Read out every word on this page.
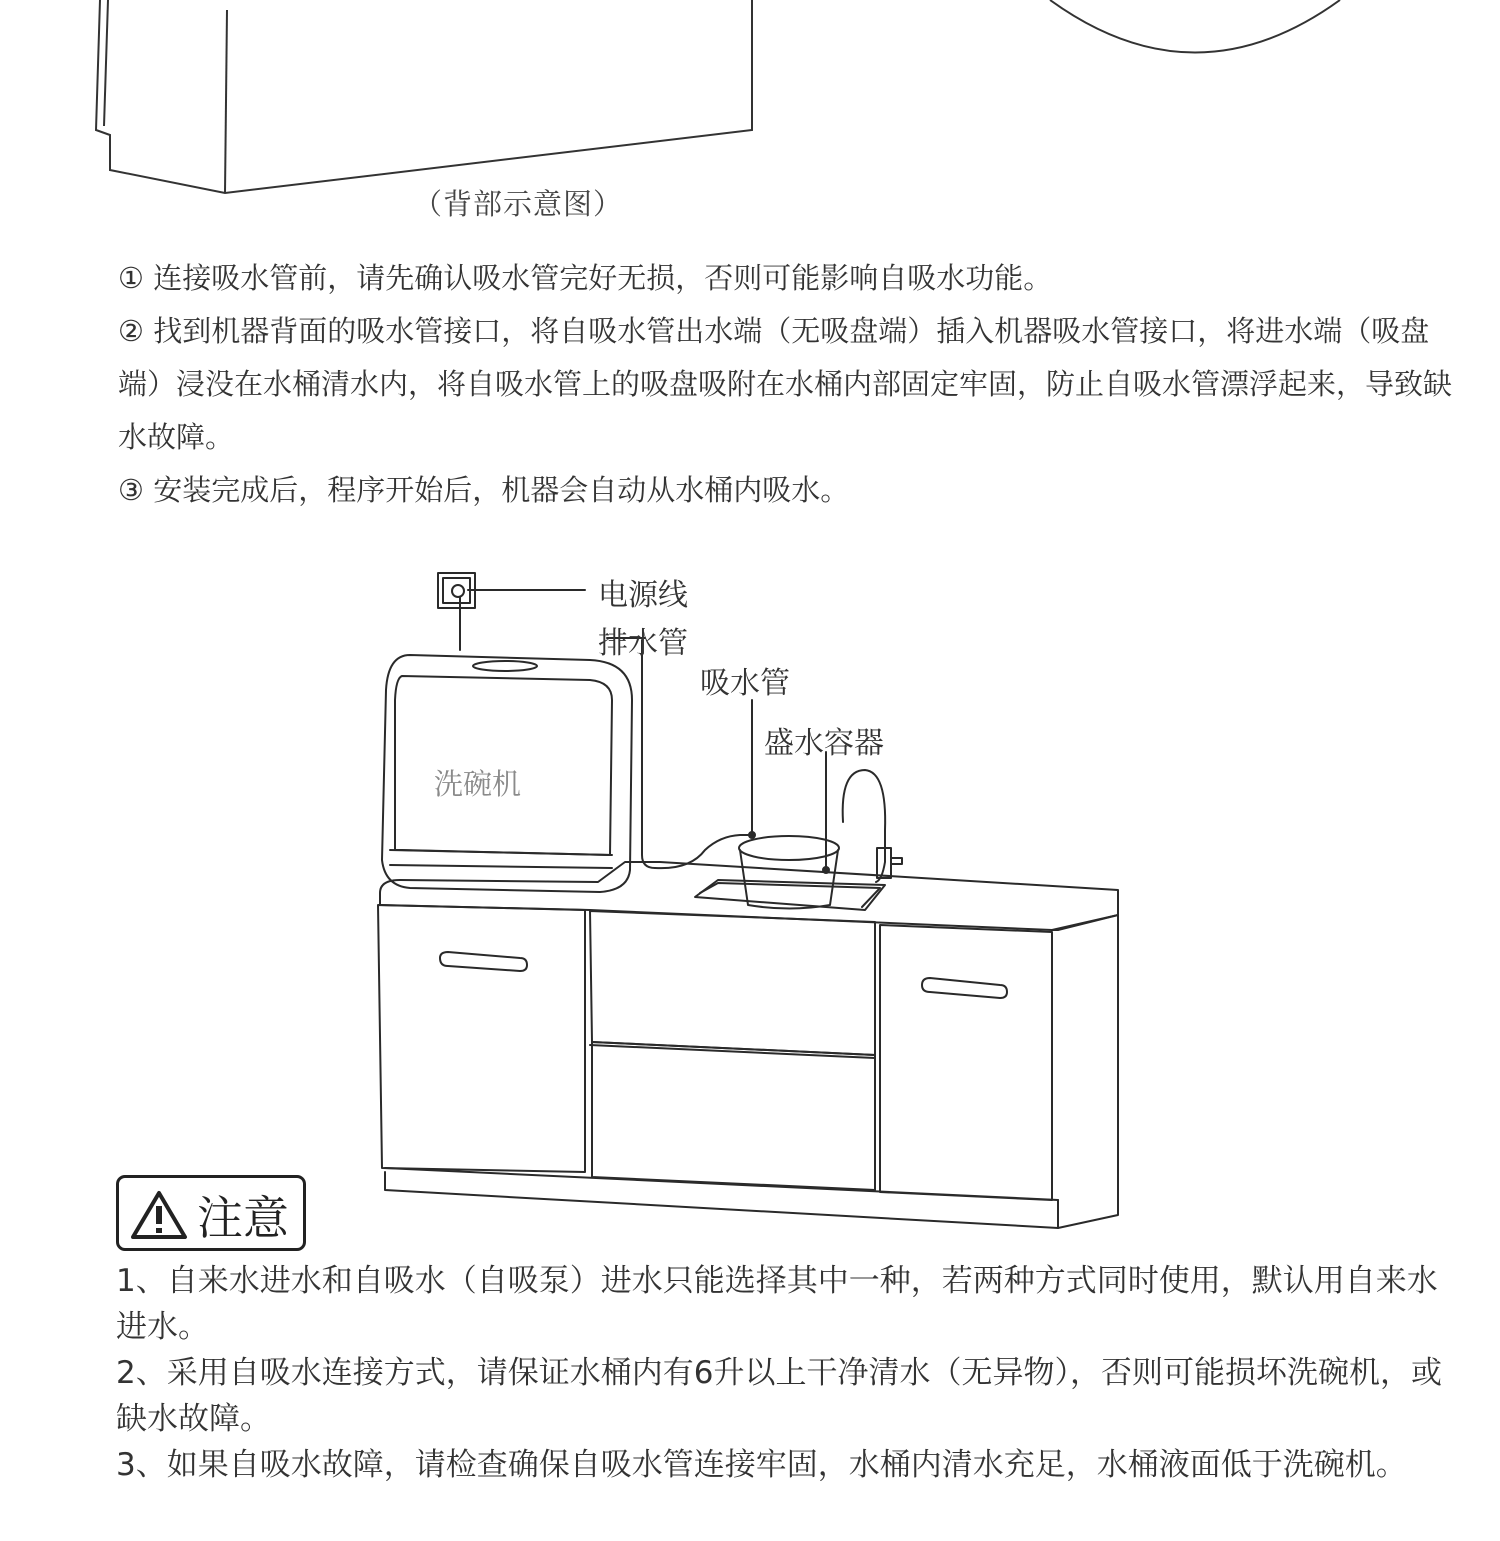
（背部示意图）

① 连接吸水管前，请先确认吸水管完好无损，否则可能影响自吸水功能。

② 找到机器背面的吸水管接口，将自吸水管出水端（无吸盘端）插入机器吸水管接口，将进水端（吸盘端）浸没在水桶清水内，将自吸水管上的吸盘吸附在水桶内部固定牢固，防止自吸水管漂浮起来，导致缺水故障。

③ 安装完成后，程序开始后，机器会自动从水桶内吸水。

电源线
排水管
吸水管
盛水容器
洗碗机
注意

1、自来水进水和自吸水（自吸泵）进水只能选择其中一种，若两种方式同时使用，默认用自来水进水。

2、采用自吸水连接方式，请保证水桶内有6升以上干净清水（无异物），否则可能损坏洗碗机，或缺水故障。

3、如果自吸水故障，请检查确保自吸水管连接牢固，水桶内清水充足，水桶液面低于洗碗机。
